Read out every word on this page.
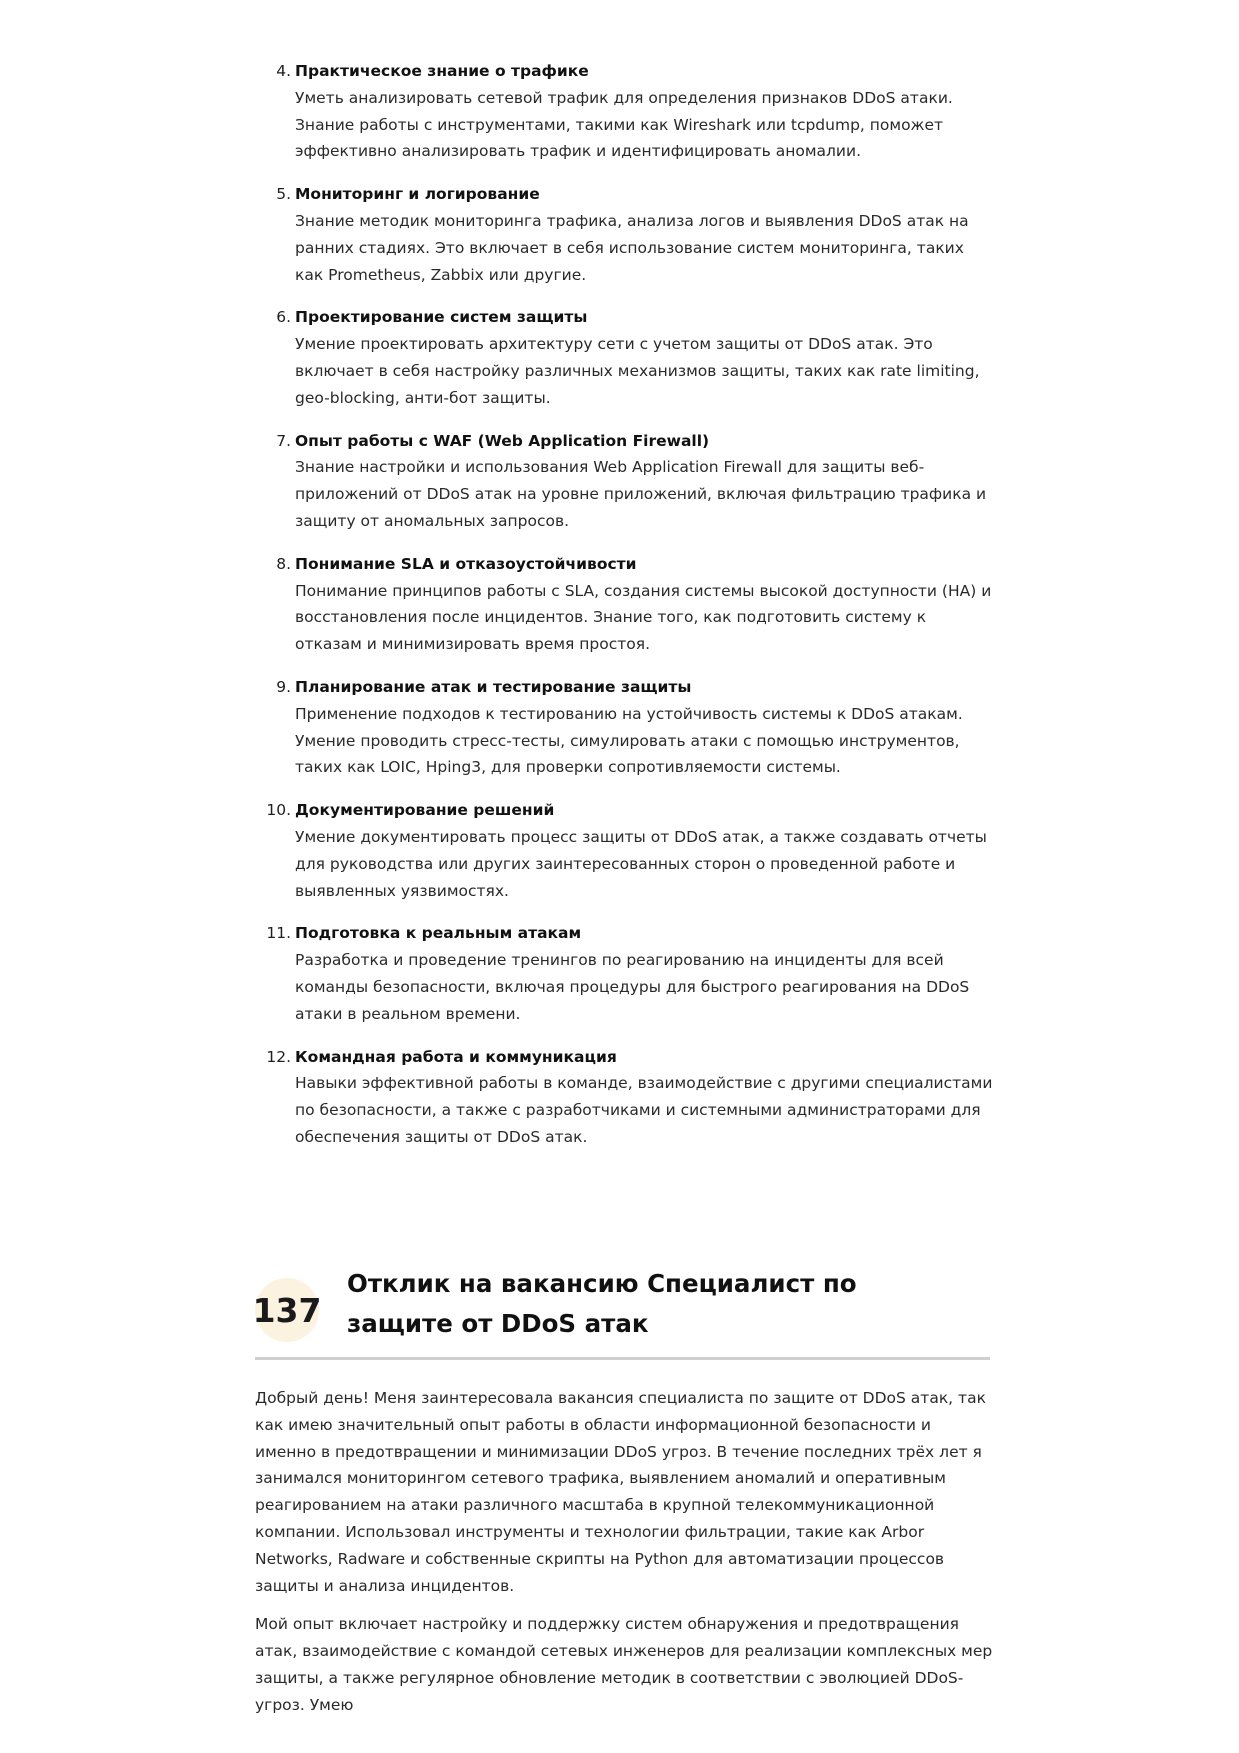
4. Практическое знание о трафике
Уметь анализировать сетевой трафик для определения признаков DDoS атаки. Знание работы с инструментами, такими как Wireshark или tcpdump, поможет эффективно анализировать трафик и идентифицировать аномалии.
5. Мониторинг и логирование
Знание методик мониторинга трафика, анализа логов и выявления DDoS атак на ранних стадиях. Это включает в себя использование систем мониторинга, таких как Prometheus, Zabbix или другие.
6. Проектирование систем защиты
Умение проектировать архитектуру сети с учетом защиты от DDoS атак. Это включает в себя настройку различных механизмов защиты, таких как rate limiting, geo-blocking, анти-бот защиты.
7. Опыт работы с WAF (Web Application Firewall)
Знание настройки и использования Web Application Firewall для защиты веб-приложений от DDoS атак на уровне приложений, включая фильтрацию трафика и защиту от аномальных запросов.
8. Понимание SLA и отказоустойчивости
Понимание принципов работы с SLA, создания системы высокой доступности (HA) и восстановления после инцидентов. Знание того, как подготовить систему к отказам и минимизировать время простоя.
9. Планирование атак и тестирование защиты
Применение подходов к тестированию на устойчивость системы к DDoS атакам. Умение проводить стресс-тесты, симулировать атаки с помощью инструментов, таких как LOIC, Hping3, для проверки сопротивляемости системы.
10. Документирование решений
Умение документировать процесс защиты от DDoS атак, а также создавать отчеты для руководства или других заинтересованных сторон о проведенной работе и выявленных уязвимостях.
11. Подготовка к реальным атакам
Разработка и проведение тренингов по реагированию на инциденты для всей команды безопасности, включая процедуры для быстрого реагирования на DDoS атаки в реальном времени.
12. Командная работа и коммуникация
Навыки эффективной работы в команде, взаимодействие с другими специалистами по безопасности, а также с разработчиками и системными администраторами для обеспечения защиты от DDoS атак.
137
Отклик на вакансию Специалист по защите от DDoS атак

Добрый день! Меня заинтересовала вакансия специалиста по защите от DDoS атак, так как имею значительный опыт работы в области информационной безопасности и именно в предотвращении и минимизации DDoS угроз. В течение последних трёх лет я занимался мониторингом сетевого трафика, выявлением аномалий и оперативным реагированием на атаки различного масштаба в крупной телекоммуникационной компании. Использовал инструменты и технологии фильтрации, такие как Arbor Networks, Radware и собственные скрипты на Python для автоматизации процессов защиты и анализа инцидентов.

Мой опыт включает настройку и поддержку систем обнаружения и предотвращения атак, взаимодействие с командой сетевых инженеров для реализации комплексных мер защиты, а также регулярное обновление методик в соответствии с эволюцией DDoS-угроз. Умею
